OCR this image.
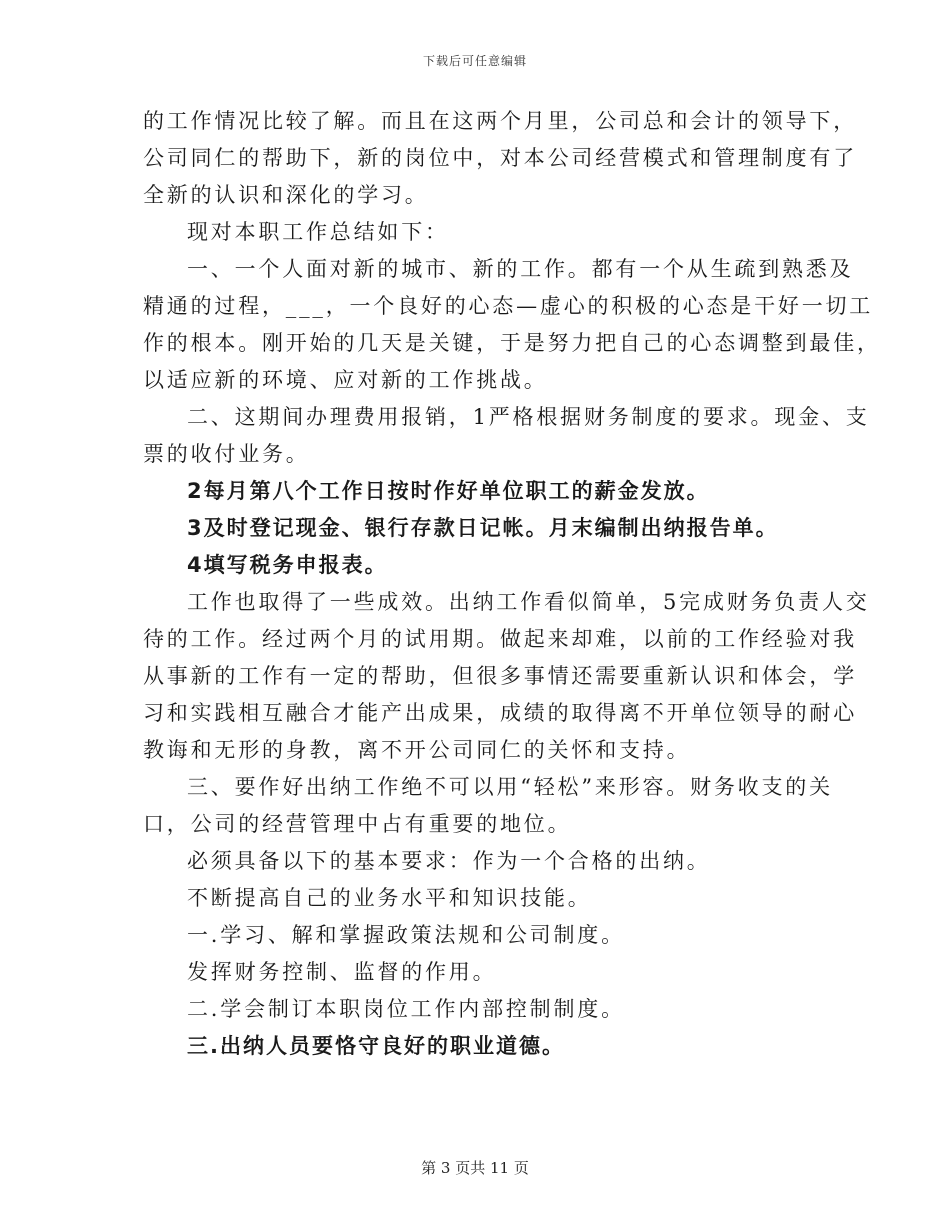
下载后可任意编辑
的工作情况比较了解。而且在这两个月里，公司总和会计的领导下，
公司同仁的帮助下，新的岗位中，对本公司经营模式和管理制度有了
全新的认识和深化的学习。
现对本职工作总结如下：
一、一个人面对新的城市、新的工作。都有一个从生疏到熟悉及
精通的过程，___，一个良好的心态—虚心的积极的心态是干好一切工
作的根本。刚开始的几天是关键，于是努力把自己的心态调整到最佳，
以适应新的环境、应对新的工作挑战。
二、这期间办理费用报销，1严格根据财务制度的要求。现金、支
票的收付业务。
2每月第八个工作日按时作好单位职工的薪金发放。
3及时登记现金、银行存款日记帐。月末编制出纳报告单。
4填写税务申报表。
工作也取得了一些成效。出纳工作看似简单，5完成财务负责人交
待的工作。经过两个月的试用期。做起来却难，以前的工作经验对我
从事新的工作有一定的帮助，但很多事情还需要重新认识和体会，学
习和实践相互融合才能产出成果，成绩的取得离不开单位领导的耐心
教诲和无形的身教，离不开公司同仁的关怀和支持。
三、要作好出纳工作绝不可以用“轻松”来形容。财务收支的关
口，公司的经营管理中占有重要的地位。
必须具备以下的基本要求：作为一个合格的出纳。
不断提高自己的业务水平和知识技能。
一.学习、解和掌握政策法规和公司制度。
发挥财务控制、监督的作用。
二.学会制订本职岗位工作内部控制制度。
三.出纳人员要恪守良好的职业道德。
第 3 页共 11 页
